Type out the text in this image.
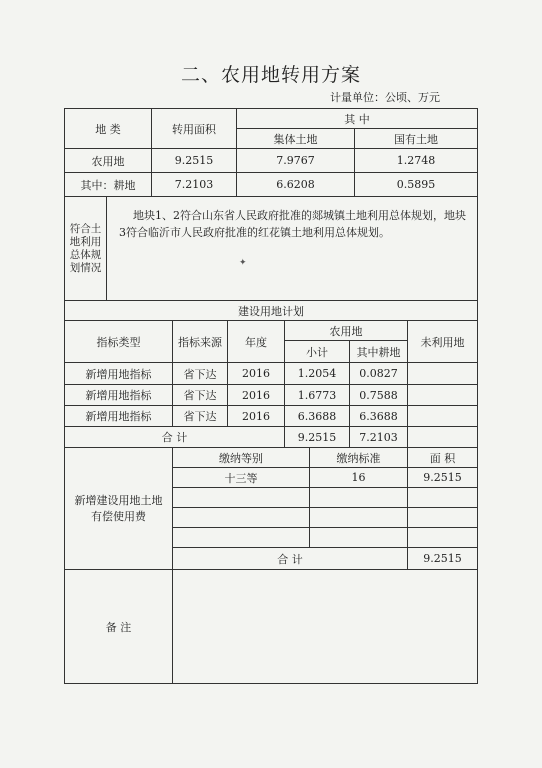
二、农用地转用方案
计量单位：公顷、万元
地 类	转用面积	其 中	
		集体土地	国有土地
农用地	9.2515	7.9767	1.2748
其中：耕地	7.2103	6.6208	0.5895
符合土
地利用
总体规
划情况	地块1、2符合山东省人民政府批准的郯城镇土地利用总体规划，地块3符合临沂市人民政府批准的红花镇土地利用总体规划。
✦
建设用地计划							
指标类型	指标来源	年度	农用地			未利用地	
			小计		其中耕地		
新增用地指标	省下达	2016	1.2054		0.0827		
新增用地指标	省下达	2016	1.6773		0.7588		
新增用地指标	省下达	2016	6.3688		6.3688		
合 计			9.2515		7.2103		
新增建设用地土地
有偿使用费	缴纳等别			缴纳标准		面 积	
	十三等			16		9.2515	

	合 计					9.2515	
备 注							
